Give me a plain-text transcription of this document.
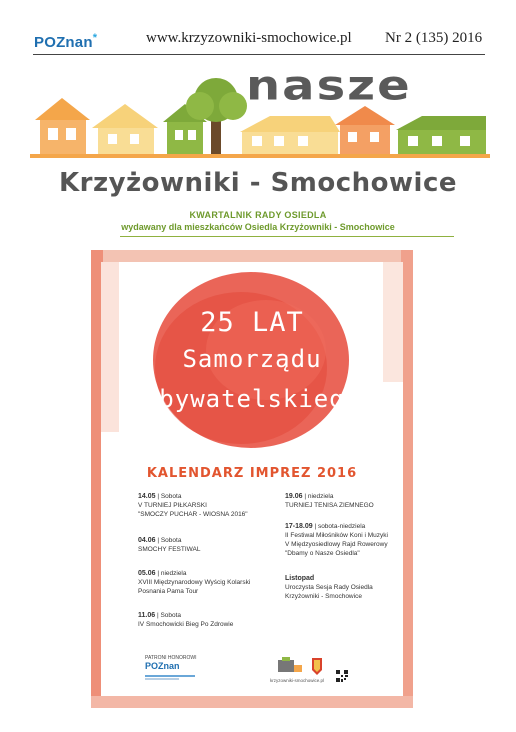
POZnan*	www.krzyzowniki-smochowice.pl Nr 2 (135) 2016
nasze
Krzyżowniki - Smochowice
KWARTALNIK RADY OSIEDLA
wydawany dla mieszkańców Osiedla Krzyżowniki - Smochowice
25 LAT
Samorządu
Obywatelskiego
KALENDARZ IMPREZ 2016
14.05 | Sobota
V TURNIEJ PIŁKARSKI
"SMOCZY PUCHAR - WIOSNA 2016"
04.06 | Sobota
SMOCHY FESTIWAL
05.06 | niedziela
XVIII Międzynarodowy Wyścig Kolarski
Posnania Pama Tour
11.06 | Sobota
IV Smochowicki Bieg Po Zdrowie
19.06 | niedziela
TURNIEJ TENISA ZIEMNEGO
17-18.09 | sobota-niedziela
II Festiwal Miłośników Koni i Muzyki
V Międzyosiedlowy Rajd Rowerowy
"Dbamy o Nasze Osiedla"
Listopad
Uroczysta Sesja Rady Osiedla
Krzyżowniki - Smochowice
PATRONI HONOROWI
POZnan
krzyzowniki-smochowice.pl
